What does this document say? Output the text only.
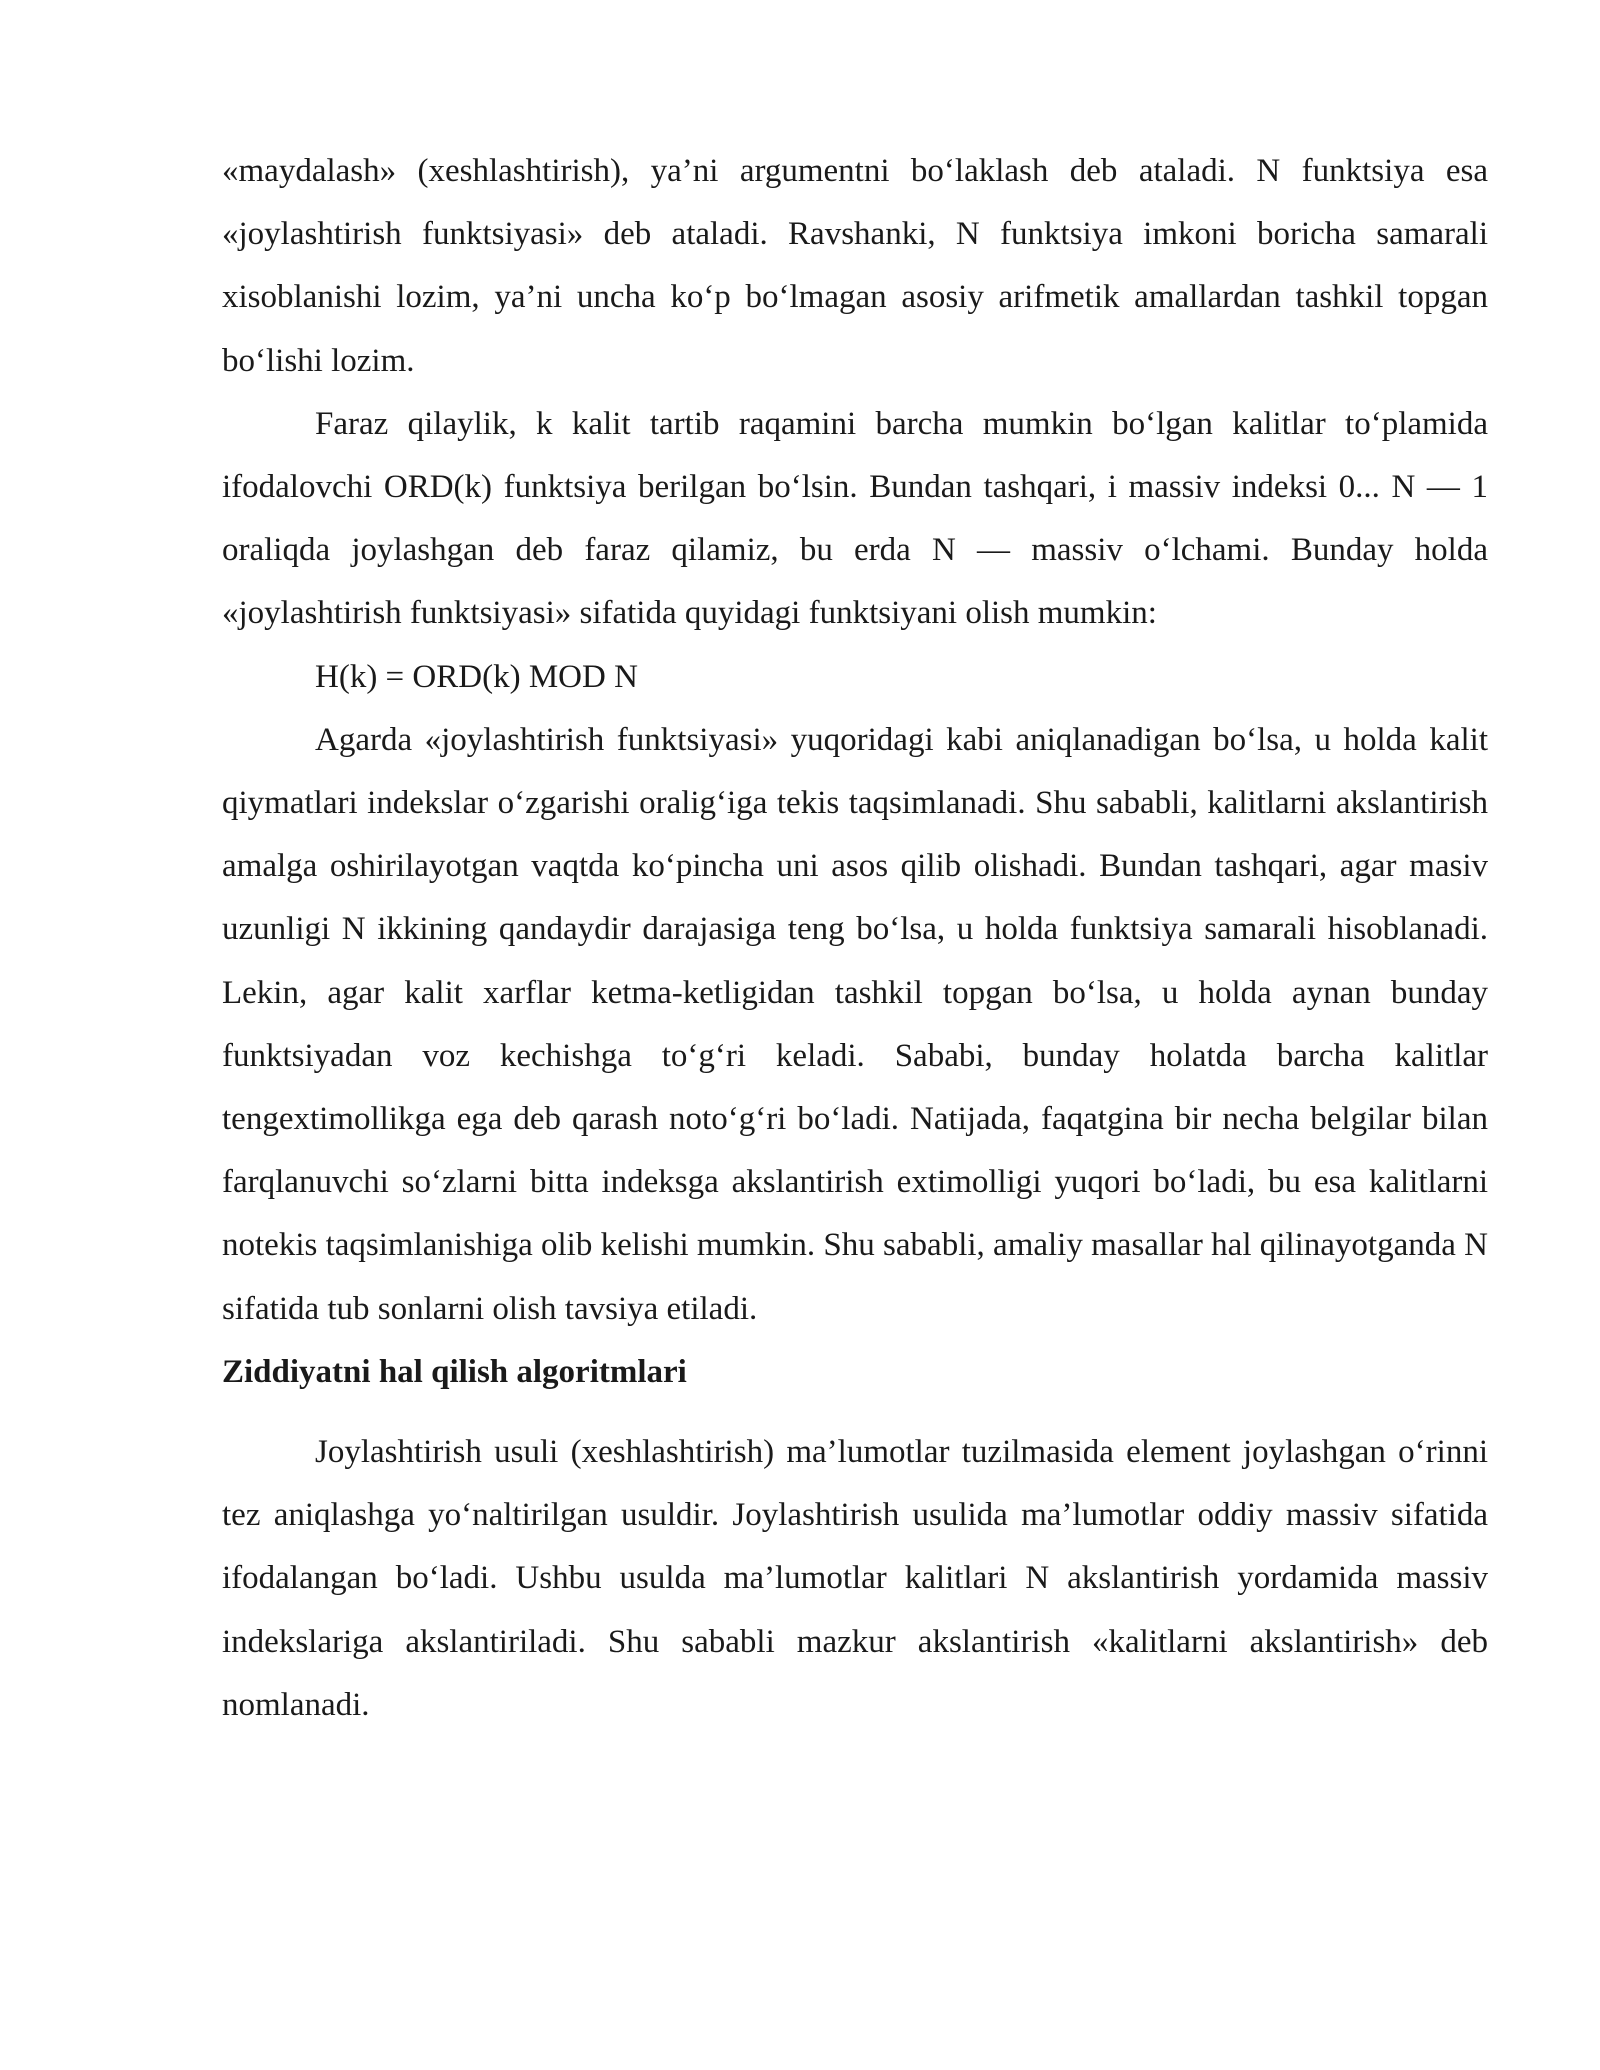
«maydalash» (xeshlashtirish), ya’ni argumentni bo‘laklash deb ataladi. N funktsiya esa «joylashtirish funktsiyasi» deb ataladi. Ravshanki, N funktsiya imkoni boricha samarali xisoblanishi lozim, ya’ni uncha ko‘p bo‘lmagan asosiy arifmetik amallardan tashkil topgan bo‘lishi lozim.

Faraz qilaylik, k kalit tartib raqamini barcha mumkin bo‘lgan kalitlar to‘plamida ifodalovchi ORD(k) funktsiya berilgan bo‘lsin. Bundan tashqari, i massiv indeksi 0... N — 1 oraliqda joylashgan deb faraz qilamiz, bu erda N — massiv o‘lchami. Bunday holda «joylashtirish funktsiyasi» sifatida quyidagi funktsiyani olish mumkin:

H(k) = ORD(k) MOD N

Agarda «joylashtirish funktsiyasi» yuqoridagi kabi aniqlanadigan bo‘lsa, u holda kalit qiymatlari indekslar o‘zgarishi oralig‘iga tekis taqsimlanadi. Shu sababli, kalitlarni akslantirish amalga oshirilayotgan vaqtda ko‘pincha uni asos qilib olishadi. Bundan tashqari, agar masiv uzunligi N ikkining qandaydir darajasiga teng bo‘lsa, u holda funktsiya samarali hisoblanadi. Lekin, agar kalit xarflar ketma-ketligidan tashkil topgan bo‘lsa, u holda aynan bunday funktsiyadan voz kechishga to‘g‘ri keladi. Sababi, bunday holatda barcha kalitlar tengextimollikga ega deb qarash noto‘g‘ri bo‘ladi. Natijada, faqatgina bir necha belgilar bilan farqlanuvchi so‘zlarni bitta indeksga akslantirish extimolligi yuqori bo‘ladi, bu esa kalitlarni notekis taqsimlanishiga olib kelishi mumkin. Shu sababli, amaliy masallar hal qilinayotganda N sifatida tub sonlarni olish tavsiya etiladi.

Ziddiyatni hal qilish algoritmlari

Joylashtirish usuli (xeshlashtirish) ma’lumotlar tuzilmasida element joylashgan o‘rinni tez aniqlashga yo‘naltirilgan usuldir. Joylashtirish usulida ma’lumotlar oddiy massiv sifatida ifodalangan bo‘ladi. Ushbu usulda ma’lumotlar kalitlari N akslantirish yordamida massiv indekslariga akslantiriladi. Shu sababli mazkur akslantirish «kalitlarni akslantirish» deb nomlanadi.
